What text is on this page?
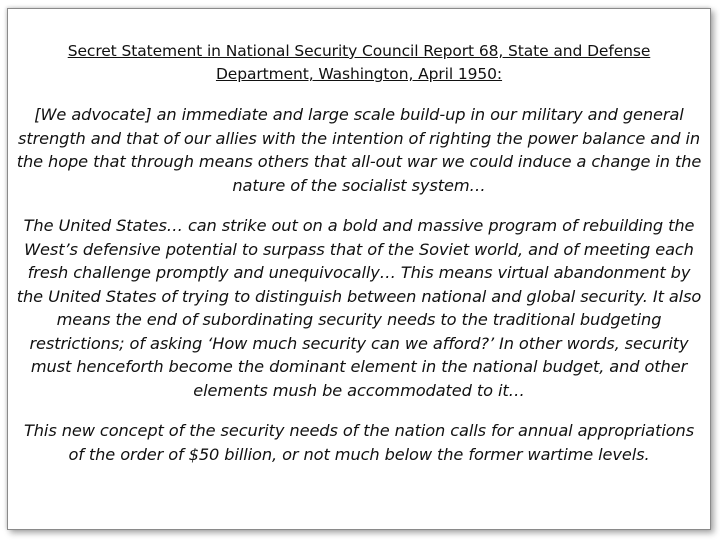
Secret Statement in National Security Council Report 68, State and Defense Department, Washington, April 1950:
[We advocate] an immediate and large scale build-up in our military and general strength and that of our allies with the intention of righting the power balance and in the hope that through means others that all-out war we could induce a change in the nature of the socialist system…
The United States… can strike out on a bold and massive program of rebuilding the West’s defensive potential to surpass that of the Soviet world, and of meeting each fresh challenge promptly and unequivocally… This means virtual abandonment by the United States of trying to distinguish between national and global security. It also means the end of subordinating security needs to the traditional budgeting restrictions; of asking ‘How much security can we afford?’ In other words, security must henceforth become the dominant element in the national budget, and other elements mush be accommodated to it…
This new concept of the security needs of the nation calls for annual appropriations of the order of $50 billion, or not much below the former wartime levels.
